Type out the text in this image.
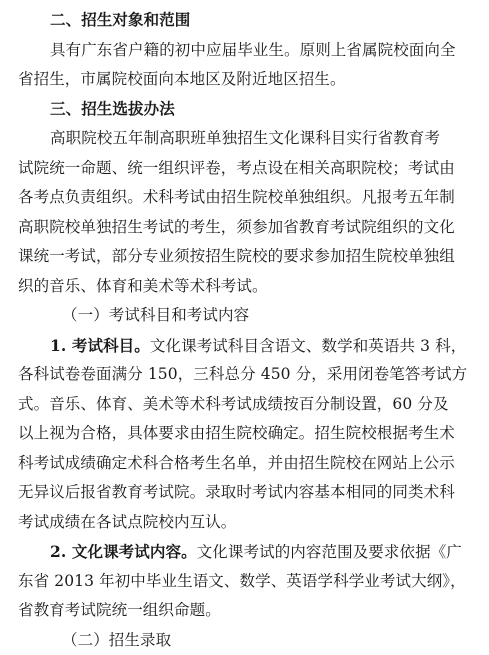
二、招生对象和范围
具有广东省户籍的初中应届毕业生。原则上省属院校面向全
省招生，市属院校面向本地区及附近地区招生。
三、招生选拔办法
高职院校五年制高职班单独招生文化课科目实行省教育考
试院统一命题、统一组织评卷，考点设在相关高职院校；考试由
各考点负责组织。术科考试由招生院校单独组织。凡报考五年制
高职院校单独招生考试的考生，须参加省教育考试院组织的文化
课统一考试，部分专业须按招生院校的要求参加招生院校单独组
织的音乐、体育和美术等术科考试。
（一）考试科目和考试内容
1. 考试科目。文化课考试科目含语文、数学和英语共 3 科，
各科试卷卷面满分 150，三科总分 450 分，采用闭卷笔答考试方
式。音乐、体育、美术等术科考试成绩按百分制设置，60 分及
以上视为合格，具体要求由招生院校确定。招生院校根据考生术
科考试成绩确定术科合格考生名单，并由招生院校在网站上公示
无异议后报省教育考试院。录取时考试内容基本相同的同类术科
考试成绩在各试点院校内互认。
2. 文化课考试内容。文化课考试的内容范围及要求依据《广
东省 2013 年初中毕业生语文、数学、英语学科学业考试大纲》，
省教育考试院统一组织命题。
（二）招生录取
